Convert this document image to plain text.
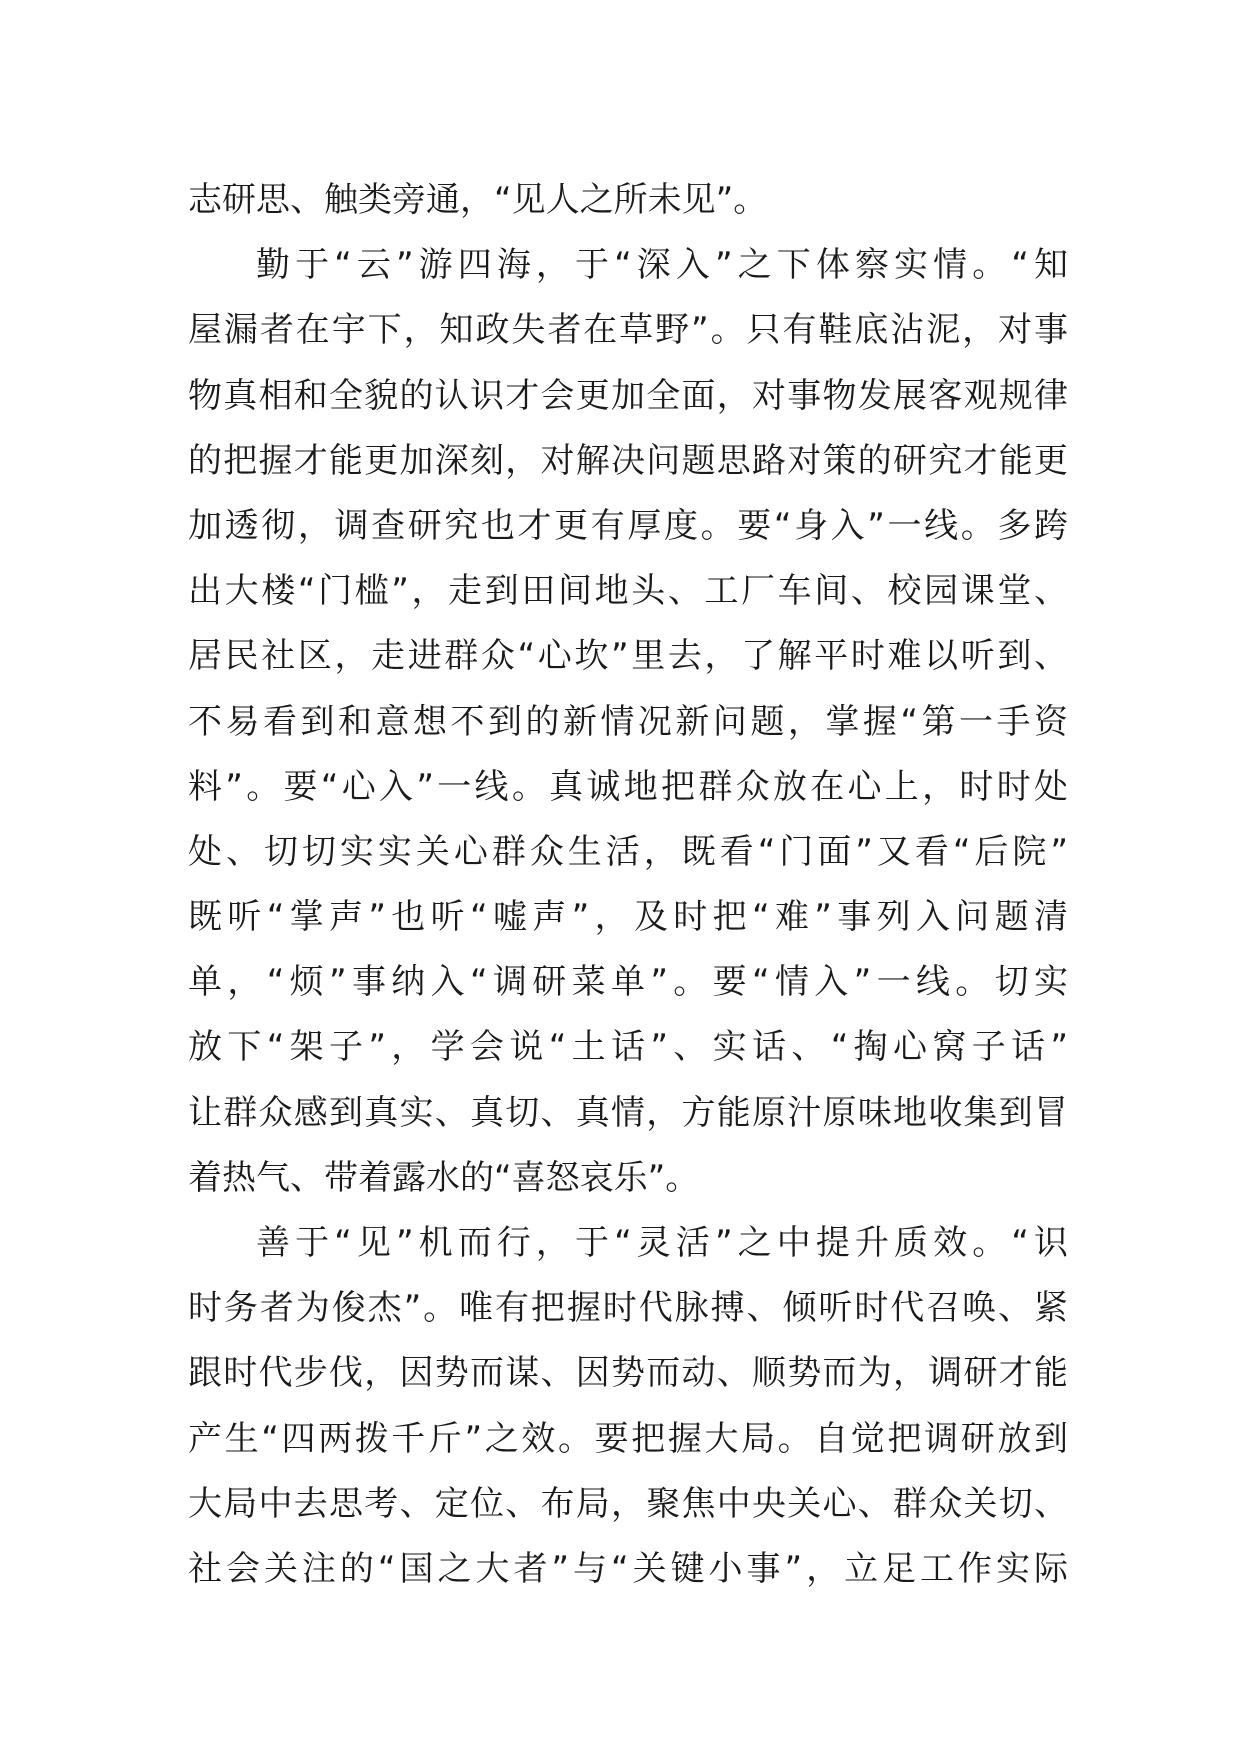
志研思、触类旁通，“见人之所未见”。
勤于“云”游四海，于“深入”之下体察实情。“知
屋漏者在宇下，知政失者在草野”。只有鞋底沾泥，对事
物真相和全貌的认识才会更加全面，对事物发展客观规律
的把握才能更加深刻，对解决问题思路对策的研究才能更
加透彻，调查研究也才更有厚度。要“身入”一线。多跨
出大楼“门槛”，走到田间地头、工厂车间、校园课堂、
居民社区，走进群众“心坎”里去，了解平时难以听到、
不易看到和意想不到的新情况新问题，掌握“第一手资
料”。要“心入”一线。真诚地把群众放在心上，时时处
处、切切实实关心群众生活，既看“门面”又看“后院”
既听“掌声”也听“嘘声”，及时把“难”事列入问题清
单，“烦”事纳入“调研菜单”。要“情入”一线。切实
放下“架子”，学会说“土话”、实话、“掏心窝子话”
让群众感到真实、真切、真情，方能原汁原味地收集到冒
着热气、带着露水的“喜怒哀乐”。
善于“见”机而行，于“灵活”之中提升质效。“识
时务者为俊杰”。唯有把握时代脉搏、倾听时代召唤、紧
跟时代步伐，因势而谋、因势而动、顺势而为，调研才能
产生“四两拨千斤”之效。要把握大局。自觉把调研放到
大局中去思考、定位、布局，聚焦中央关心、群众关切、
社会关注的“国之大者”与“关键小事”，立足工作实际
